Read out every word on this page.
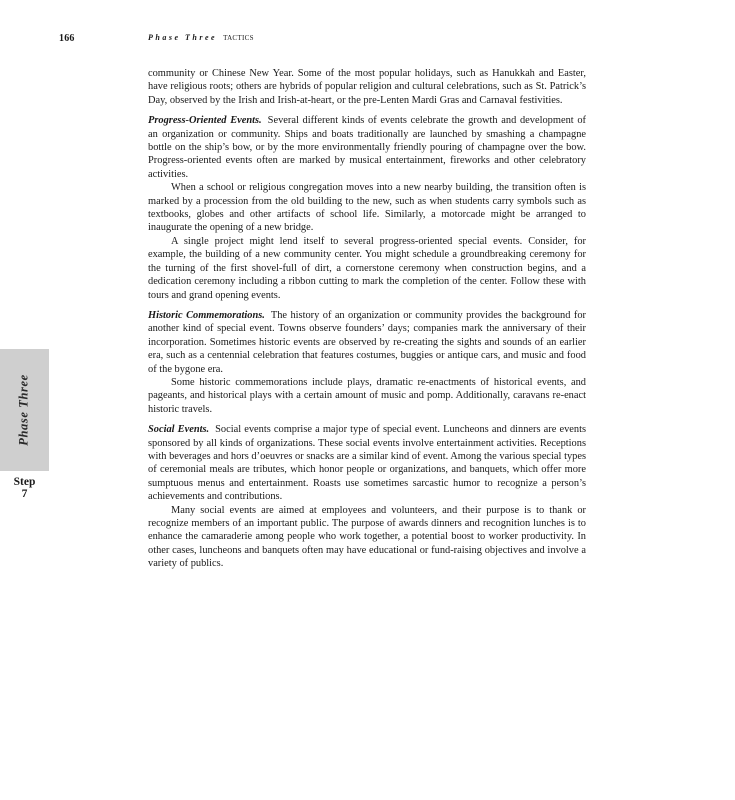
166	Phase Three TACTICS

community or Chinese New Year. Some of the most popular holidays, such as Hanukkah and Easter, have religious roots; others are hybrids of popular religion and cultural celebrations, such as St. Patrick’s Day, observed by the Irish and Irish-at-heart, or the pre-Lenten Mardi Gras and Carnaval festivities.

Progress-Oriented Events. Several different kinds of events celebrate the growth and development of an organization or community. Ships and boats traditionally are launched by smashing a champagne bottle on the ship’s bow, or by the more environmentally friendly pouring of champagne over the bow. Progress-oriented events often are marked by musical entertainment, fireworks and other celebratory activities.

When a school or religious congregation moves into a new nearby building, the transition often is marked by a procession from the old building to the new, such as when students carry symbols such as textbooks, globes and other artifacts of school life. Similarly, a motorcade might be arranged to inaugurate the opening of a new bridge.

A single project might lend itself to several progress-oriented special events. Consider, for example, the building of a new community center. You might schedule a groundbreaking ceremony for the turning of the first shovel-full of dirt, a cornerstone ceremony when construction begins, and a dedication ceremony including a ribbon cutting to mark the completion of the center. Follow these with tours and grand opening events.

Historic Commemorations. The history of an organization or community provides the background for another kind of special event. Towns observe founders’ days; companies mark the anniversary of their incorporation. Sometimes historic events are observed by re-creating the sights and sounds of an earlier era, such as a centennial celebration that features costumes, buggies or antique cars, and music and food of the bygone era.

Some historic commemorations include plays, dramatic re-enactments of historical events, and pageants, and historical plays with a certain amount of music and pomp. Additionally, caravans re-enact historic travels.

Social Events. Social events comprise a major type of special event. Luncheons and dinners are events sponsored by all kinds of organizations. These social events involve entertainment activities. Receptions with beverages and hors d’oeuvres or snacks are a similar kind of event. Among the various special types of ceremonial meals are tributes, which honor people or organizations, and banquets, which offer more sumptuous menus and entertainment. Roasts use sometimes sarcastic humor to recognize a person’s achievements and contributions.

Many social events are aimed at employees and volunteers, and their purpose is to thank or recognize members of an important public. The purpose of awards dinners and recognition lunches is to enhance the camaraderie among people who work together, a potential boost to worker productivity. In other cases, luncheons and banquets often may have educational or fund-raising objectives and involve a variety of publics.

Phase Three
Step
7
